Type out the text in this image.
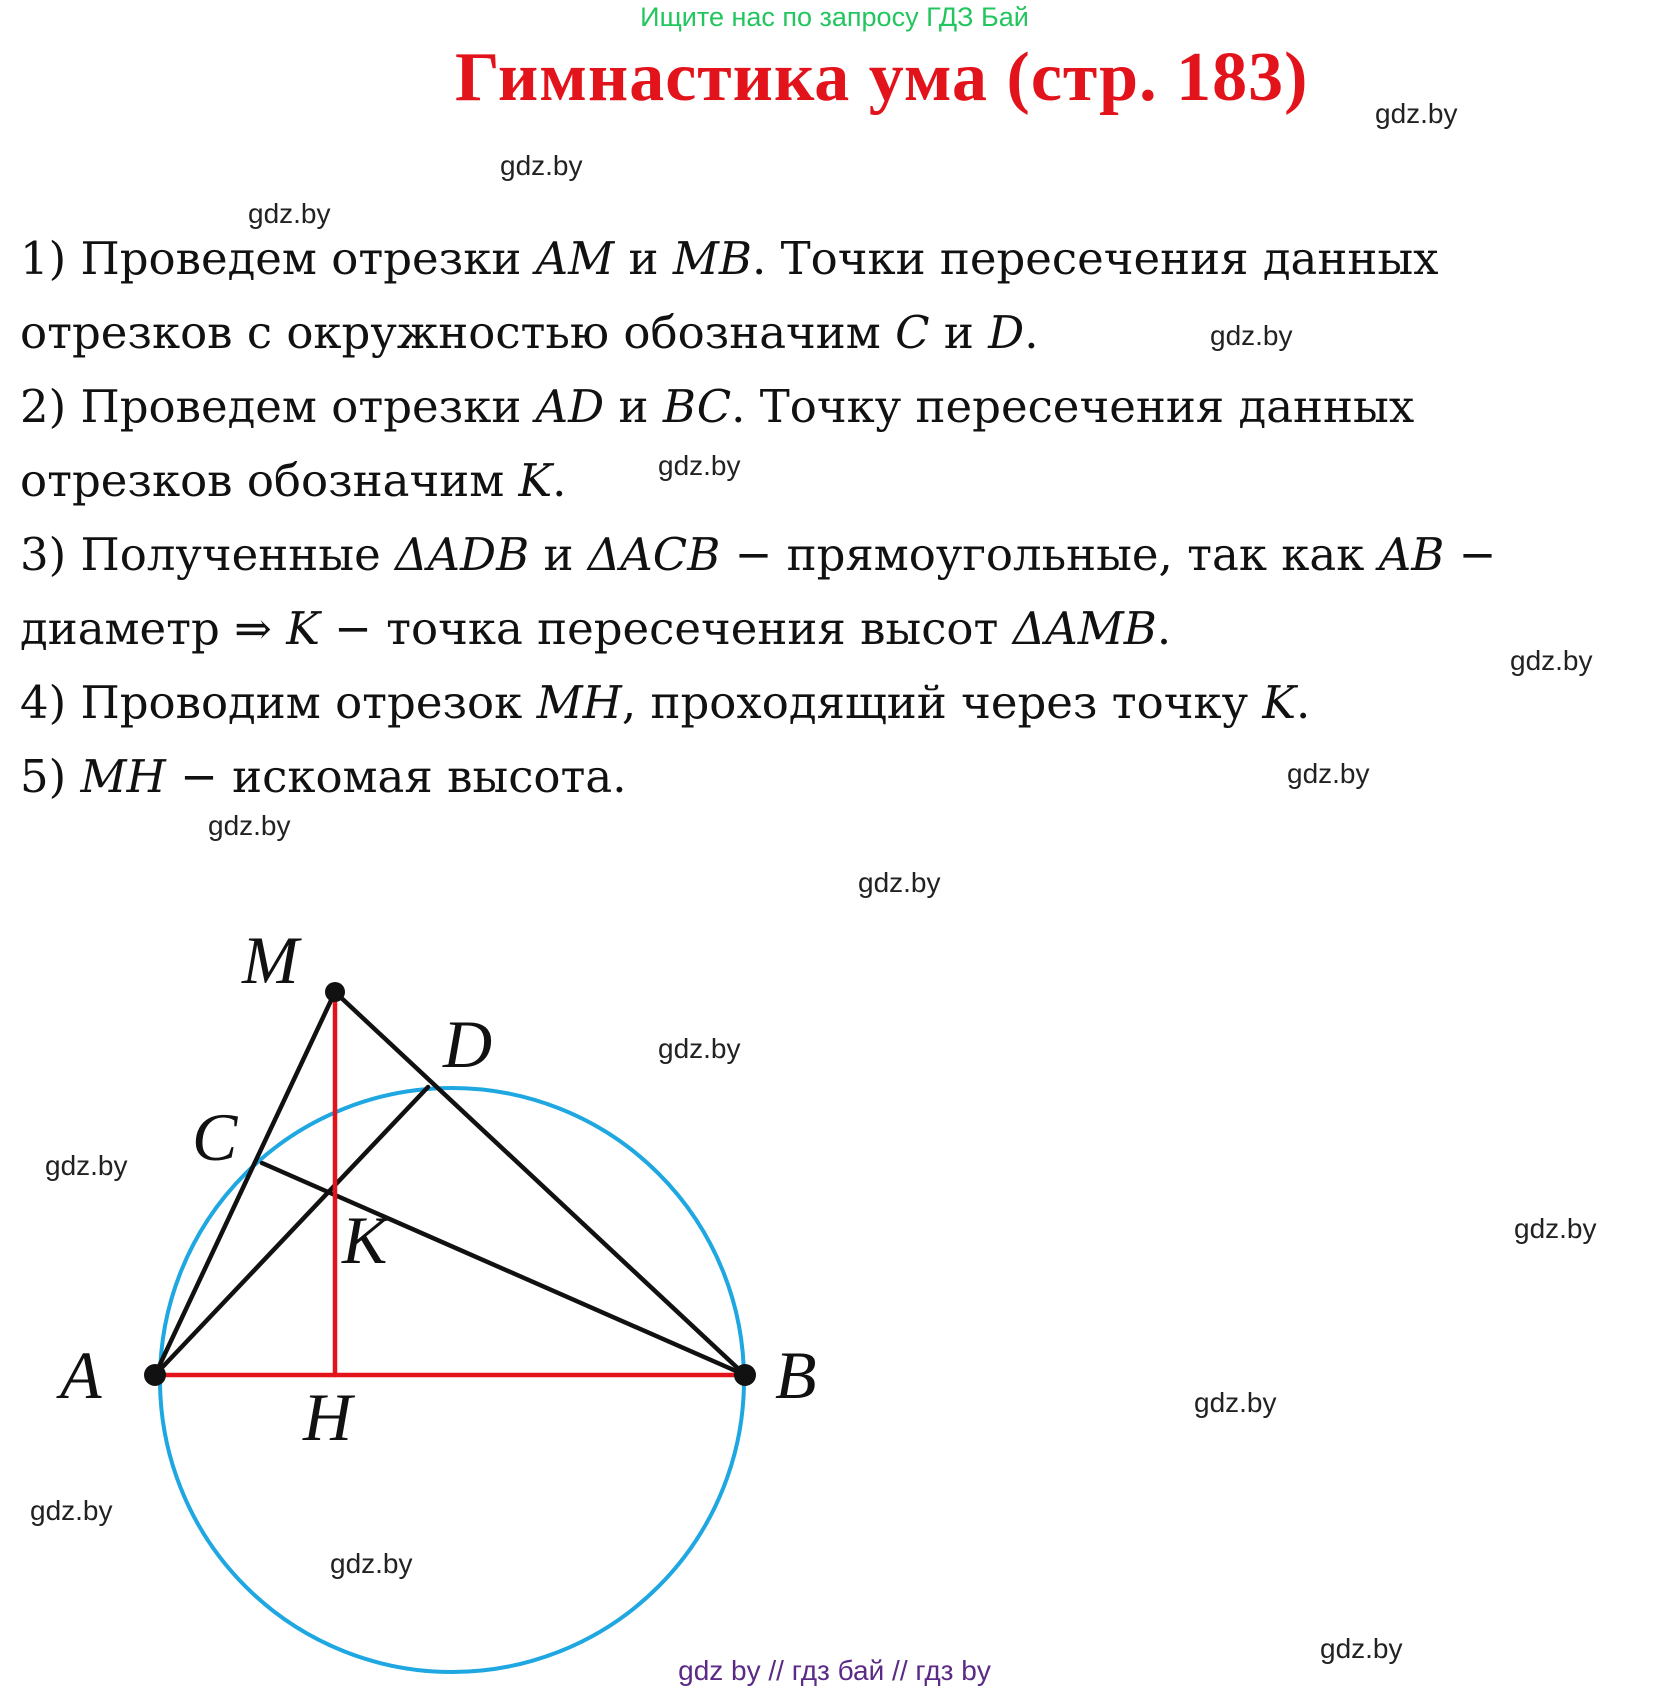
Ищите нас по запросу ГДЗ Бай
Гимнастика ума (стр. 183) gdz.by
gdz.by
gdz.by
gdz.by
gdz.by
gdz.by
gdz.by
gdz.by
gdz.by
gdz.by
gdz.by
gdz.by
gdz.by
gdz.by
gdz.by
gdz.by
1) Проведем отрезки AM и MB. Точки пересечения данных
отрезков с окружностью обозначим C и D.
2) Проведем отрезки AD и BC. Точку пересечения данных
отрезков обозначим K.
3) Полученные ΔADB и ΔACB − прямоугольные, так как AB −
диаметр ⇒ K − точка пересечения высот ΔAMB.
4) Проводим отрезок MH, проходящий через точку K.
5) MH − искомая высота.
M
D
C
K
A
H
B
gdz by // гдз бай // гдз by
